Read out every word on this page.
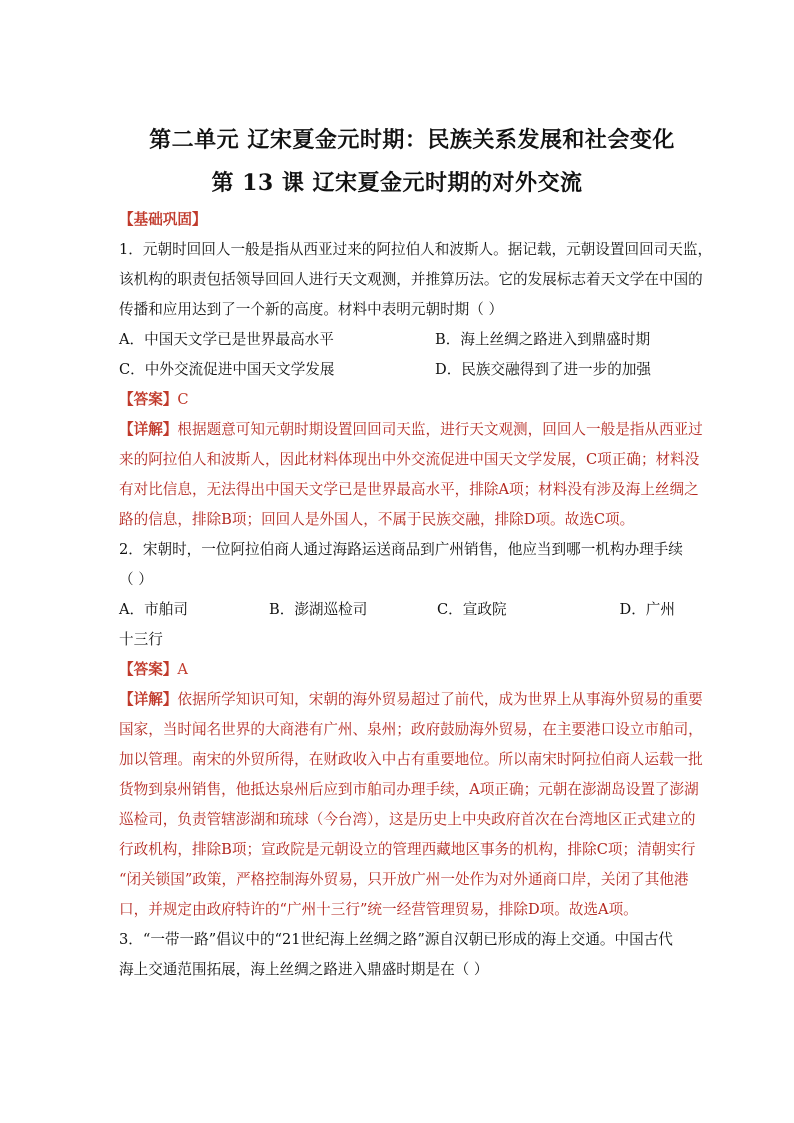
第二单元 辽宋夏金元时期：民族关系发展和社会变化
第 13 课 辽宋夏金元时期的对外交流
【基础巩固】
1．元朝时回回人一般是指从西亚过来的阿拉伯人和波斯人。据记载，元朝设置回回司天监，
该机构的职责包括领导回回人进行天文观测，并推算历法。它的发展标志着天文学在中国的
传播和应用达到了一个新的高度。材料中表明元朝时期（ ）
A．中国天文学已是世界最高水平	B．海上丝绸之路进入到鼎盛时期
C．中外交流促进中国天文学发展	D．民族交融得到了进一步的加强
【答案】C
【详解】根据题意可知元朝时期设置回回司天监，进行天文观测，回回人一般是指从西亚过
来的阿拉伯人和波斯人，因此材料体现出中外交流促进中国天文学发展，C项正确；材料没
有对比信息，无法得出中国天文学已是世界最高水平，排除A项；材料没有涉及海上丝绸之
路的信息，排除B项；回回人是外国人，不属于民族交融，排除D项。故选C项。
2．宋朝时，一位阿拉伯商人通过海路运送商品到广州销售，他应当到哪一机构办理手续
（ ）
A．市舶司	B．澎湖巡检司	C．宣政院	D．广州
十三行
【答案】A
【详解】依据所学知识可知，宋朝的海外贸易超过了前代，成为世界上从事海外贸易的重要
国家，当时闻名世界的大商港有广州、泉州；政府鼓励海外贸易，在主要港口设立市舶司，
加以管理。南宋的外贸所得，在财政收入中占有重要地位。所以南宋时阿拉伯商人运载一批
货物到泉州销售，他抵达泉州后应到市舶司办理手续，A项正确；元朝在澎湖岛设置了澎湖
巡检司，负责管辖澎湖和琉球（今台湾），这是历史上中央政府首次在台湾地区正式建立的
行政机构，排除B项；宣政院是元朝设立的管理西藏地区事务的机构，排除C项；清朝实行
“闭关锁国”政策，严格控制海外贸易，只开放广州一处作为对外通商口岸，关闭了其他港
口，并规定由政府特许的“广州十三行”统一经营管理贸易，排除D项。故选A项。
3．“一带一路”倡议中的“21世纪海上丝绸之路”源自汉朝已形成的海上交通。中国古代
海上交通范围拓展，海上丝绸之路进入鼎盛时期是在（ ）
